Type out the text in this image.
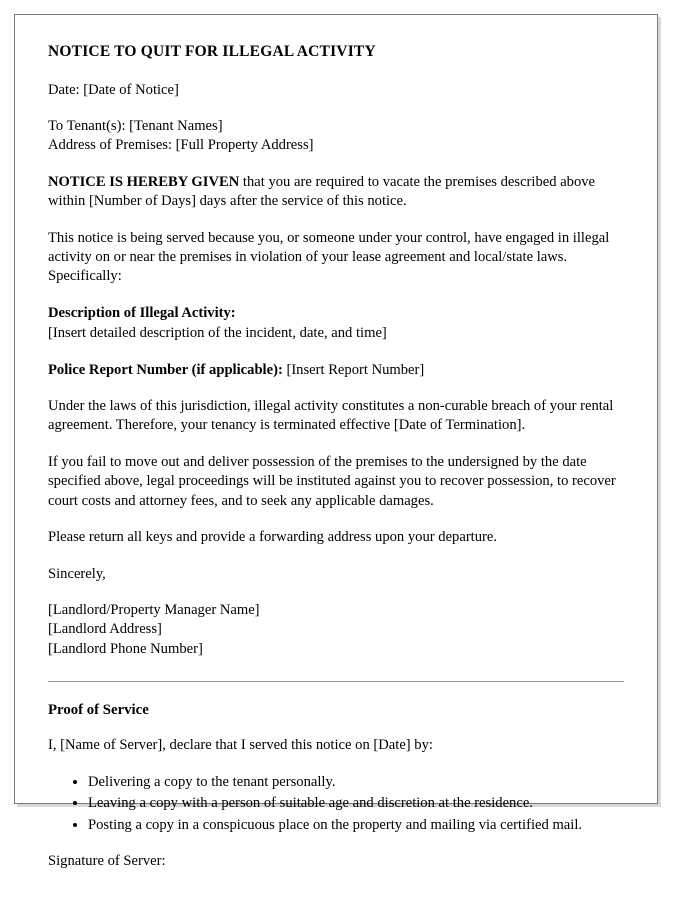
NOTICE TO QUIT FOR ILLEGAL ACTIVITY

Date: [Date of Notice]

To Tenant(s): [Tenant Names]

Address of Premises: [Full Property Address]

NOTICE IS HEREBY GIVEN that you are required to vacate the premises described above within [Number of Days] days after the service of this notice.

This notice is being served because you, or someone under your control, have engaged in illegal activity on or near the premises in violation of your lease agreement and local/state laws. Specifically:

Description of Illegal Activity:

[Insert detailed description of the incident, date, and time]

Police Report Number (if applicable): [Insert Report Number]

Under the laws of this jurisdiction, illegal activity constitutes a non-curable breach of your rental agreement. Therefore, your tenancy is terminated effective [Date of Termination].

If you fail to move out and deliver possession of the premises to the undersigned by the date specified above, legal proceedings will be instituted against you to recover possession, to recover court costs and attorney fees, and to seek any applicable damages.

Please return all keys and provide a forwarding address upon your departure.

Sincerely,

[Landlord/Property Manager Name]

[Landlord Address]

[Landlord Phone Number]

Proof of Service

I, [Name of Server], declare that I served this notice on [Date] by:

• Delivering a copy to the tenant personally.
• Leaving a copy with a person of suitable age and discretion at the residence.
• Posting a copy in a conspicuous place on the property and mailing via certified mail.

Signature of Server:
